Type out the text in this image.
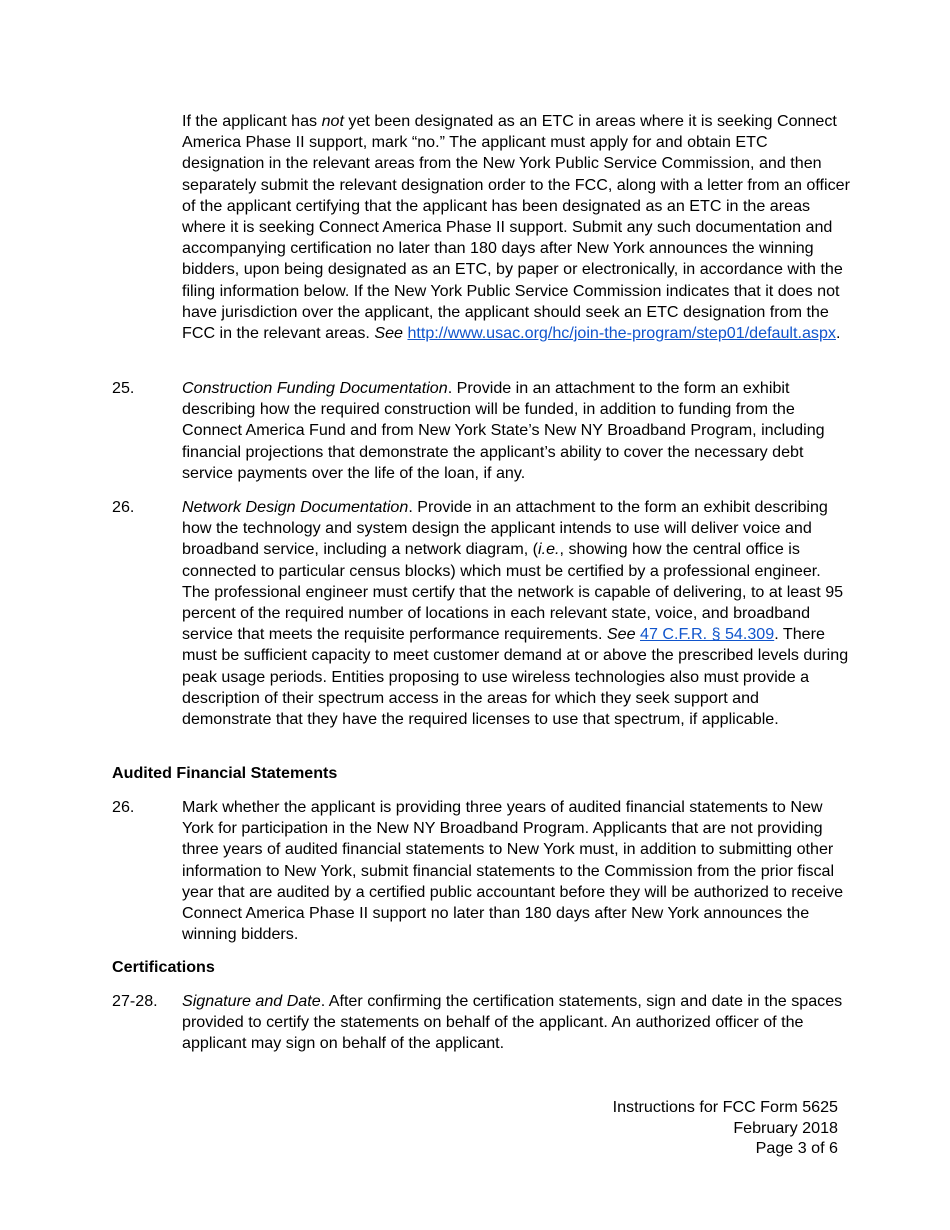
If the applicant has not yet been designated as an ETC in areas where it is seeking Connect America Phase II support, mark “no.” The applicant must apply for and obtain ETC designation in the relevant areas from the New York Public Service Commission, and then separately submit the relevant designation order to the FCC, along with a letter from an officer of the applicant certifying that the applicant has been designated as an ETC in the areas where it is seeking Connect America Phase II support. Submit any such documentation and accompanying certification no later than 180 days after New York announces the winning bidders, upon being designated as an ETC, by paper or electronically, in accordance with the filing information below. If the New York Public Service Commission indicates that it does not have jurisdiction over the applicant, the applicant should seek an ETC designation from the FCC in the relevant areas. See http://www.usac.org/hc/join-the-program/step01/default.aspx.
25.	Construction Funding Documentation. Provide in an attachment to the form an exhibit describing how the required construction will be funded, in addition to funding from the Connect America Fund and from New York State’s New NY Broadband Program, including financial projections that demonstrate the applicant’s ability to cover the necessary debt service payments over the life of the loan, if any.
26.	Network Design Documentation. Provide in an attachment to the form an exhibit describing how the technology and system design the applicant intends to use will deliver voice and broadband service, including a network diagram, (i.e., showing how the central office is connected to particular census blocks) which must be certified by a professional engineer. The professional engineer must certify that the network is capable of delivering, to at least 95 percent of the required number of locations in each relevant state, voice, and broadband service that meets the requisite performance requirements. See 47 C.F.R. § 54.309. There must be sufficient capacity to meet customer demand at or above the prescribed levels during peak usage periods. Entities proposing to use wireless technologies also must provide a description of their spectrum access in the areas for which they seek support and demonstrate that they have the required licenses to use that spectrum, if applicable.
Audited Financial Statements
26.	Mark whether the applicant is providing three years of audited financial statements to New York for participation in the New NY Broadband Program. Applicants that are not providing three years of audited financial statements to New York must, in addition to submitting other information to New York, submit financial statements to the Commission from the prior fiscal year that are audited by a certified public accountant before they will be authorized to receive Connect America Phase II support no later than 180 days after New York announces the winning bidders.
Certifications
27-28. Signature and Date. After confirming the certification statements, sign and date in the spaces provided to certify the statements on behalf of the applicant. An authorized officer of the applicant may sign on behalf of the applicant.
Instructions for FCC Form 5625
February 2018
Page 3 of 6
